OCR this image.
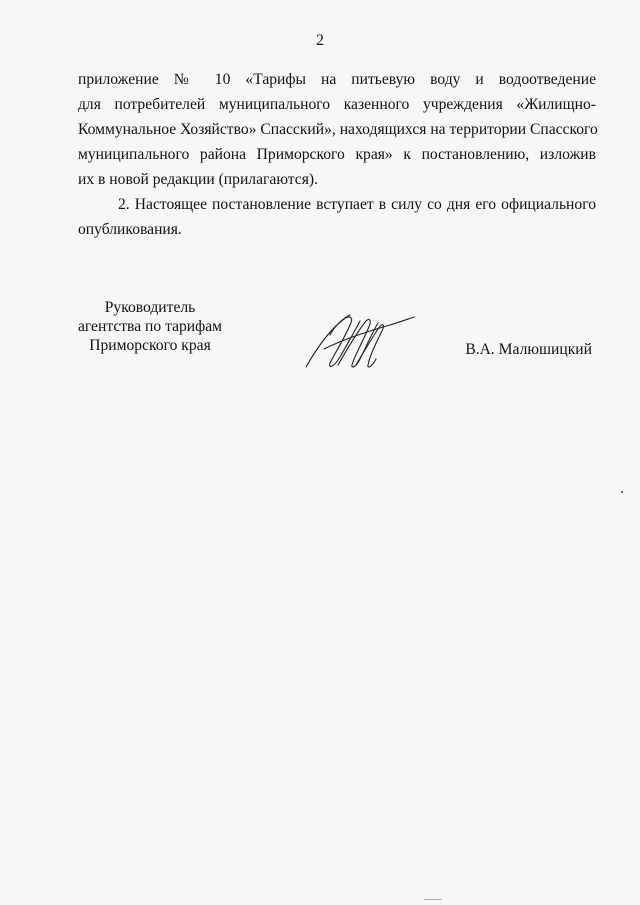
2
приложение № 10 «Тарифы на питьевую воду и водоотведение
для потребителей муниципального казенного учреждения «Жилищно-
Коммунальное Хозяйство» Спасский», находящихся на территории Спасского
муниципального района Приморского края» к постановлению, изложив
их в новой редакции (прилагаются).
2. Настоящее постановление вступает в силу со дня его официального
опубликования.
Руководитель
агентства по тарифам
Приморского края	В.А. Малюшицкий
